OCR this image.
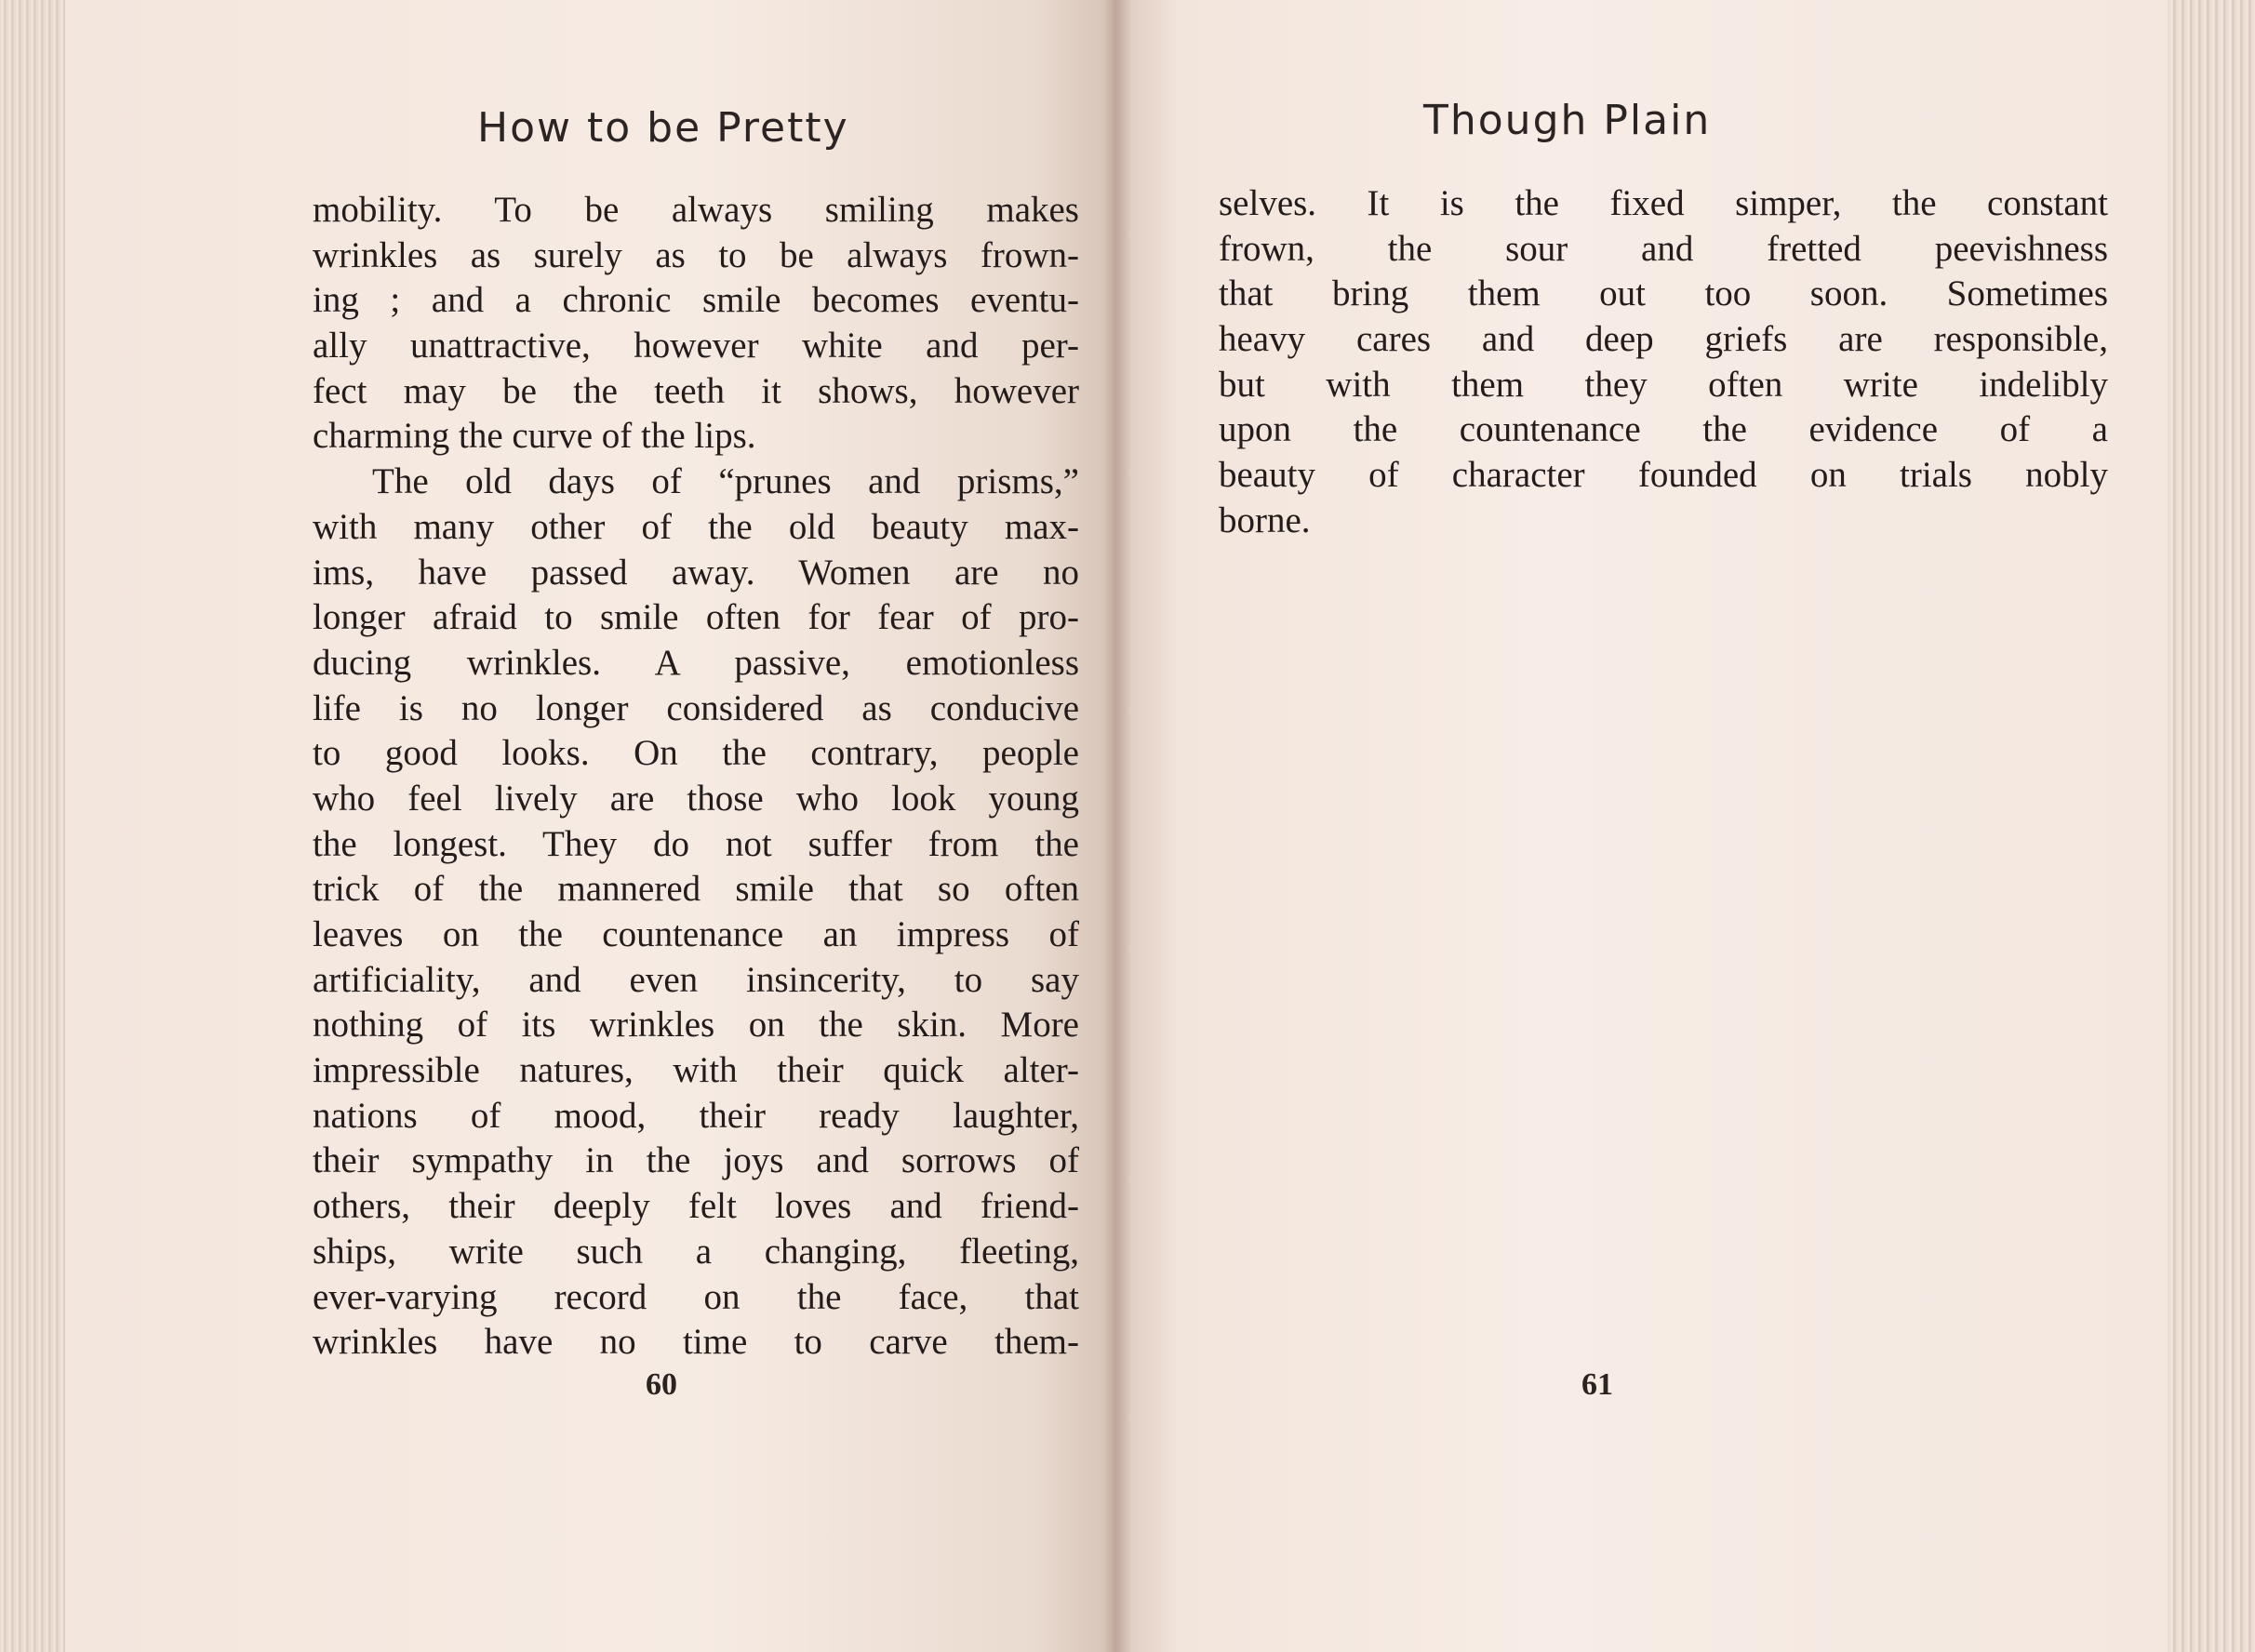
How to be Pretty
mobility. To be always smiling makes
wrinkles as surely as to be always frown-
ing ; and a chronic smile becomes eventu-
ally unattractive, however white and per-
fect may be the teeth it shows, however
charming the curve of the lips.
The old days of “prunes and prisms,”
with many other of the old beauty max-
ims, have passed away. Women are no
longer afraid to smile often for fear of pro-
ducing wrinkles. A passive, emotionless
life is no longer considered as conducive
to good looks. On the contrary, people
who feel lively are those who look young
the longest. They do not suffer from the
trick of the mannered smile that so often
leaves on the countenance an impress of
artificiality, and even insincerity, to say
nothing of its wrinkles on the skin. More
impressible natures, with their quick alter-
nations of mood, their ready laughter,
their sympathy in the joys and sorrows of
others, their deeply felt loves and friend-
ships, write such a changing, fleeting,
ever-varying record on the face, that
wrinkles have no time to carve them-
60
Though Plain
selves. It is the fixed simper, the constant
frown, the sour and fretted peevishness
that bring them out too soon. Sometimes
heavy cares and deep griefs are responsible,
but with them they often write indelibly
upon the countenance the evidence of a
beauty of character founded on trials nobly
borne.
61
